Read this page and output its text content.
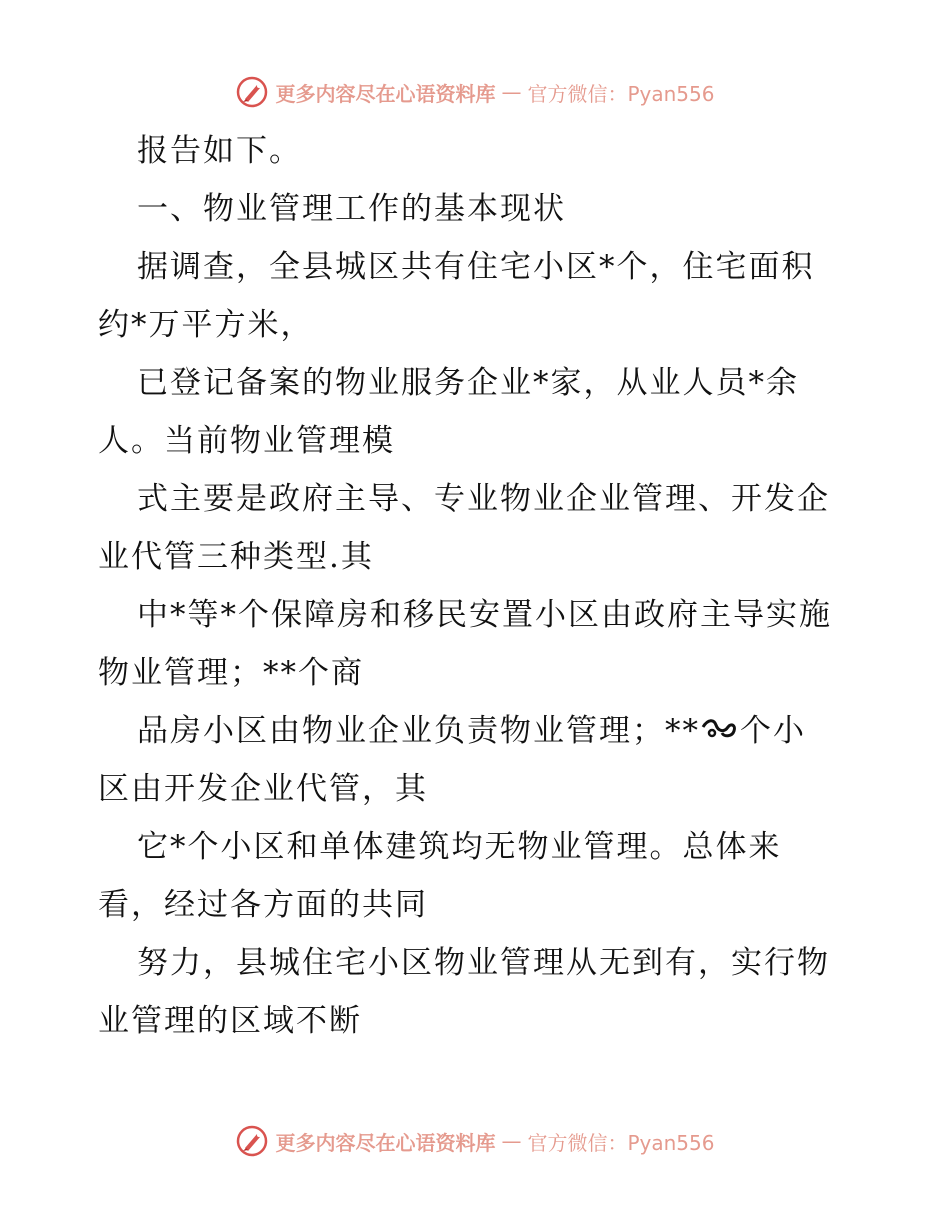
更多内容尽在心语资料库 — 官方微信：Pyan556
报告如下。
一、物业管理工作的基本现状
据调查，全县城区共有住宅小区*个，住宅面积
约*万平方米，
已登记备案的物业服务企业*家，从业人员*余
人。当前物业管理模
式主要是政府主导、专业物业企业管理、开发企
业代管三种类型.其
中*等*个保障房和移民安置小区由政府主导实施
物业管理；**个商
品房小区由物业企业负责物业管理；** 个小
区由开发企业代管，其
它*个小区和单体建筑均无物业管理。总体来
看，经过各方面的共同
努力，县城住宅小区物业管理从无到有，实行物
业管理的区域不断
更多内容尽在心语资料库 — 官方微信：Pyan556
